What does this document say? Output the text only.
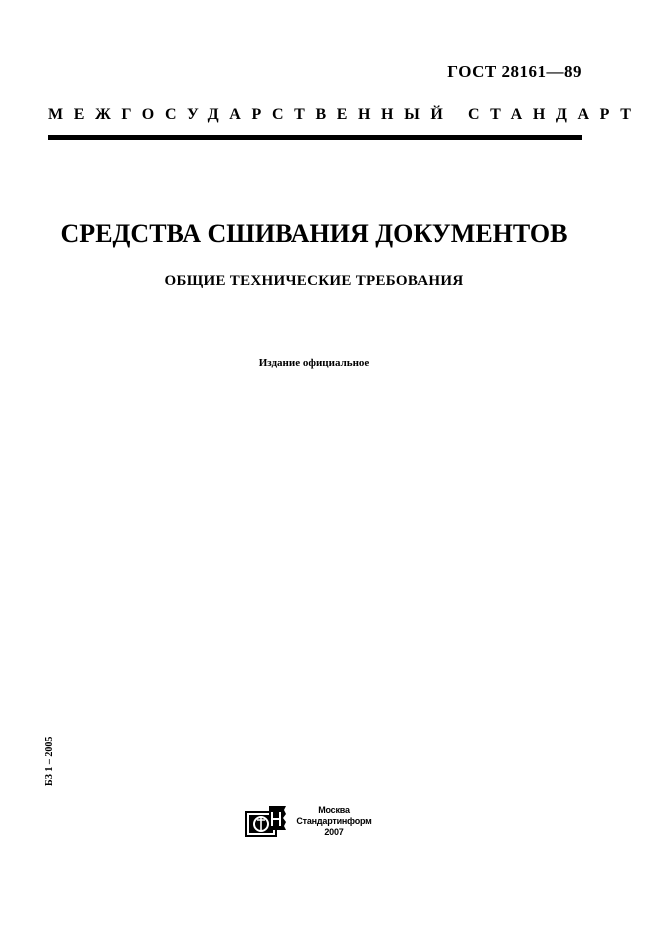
ГОСТ 28161—89
МЕЖГОСУДАРСТВЕННЫЙ СТАНДАРТ
СРЕДСТВА СШИВАНИЯ ДОКУМЕНТОВ
ОБЩИЕ ТЕХНИЧЕСКИЕ ТРЕБОВАНИЯ
Издание официальное
БЗ 1 – 2005
Москва
Стандартинформ
2007
